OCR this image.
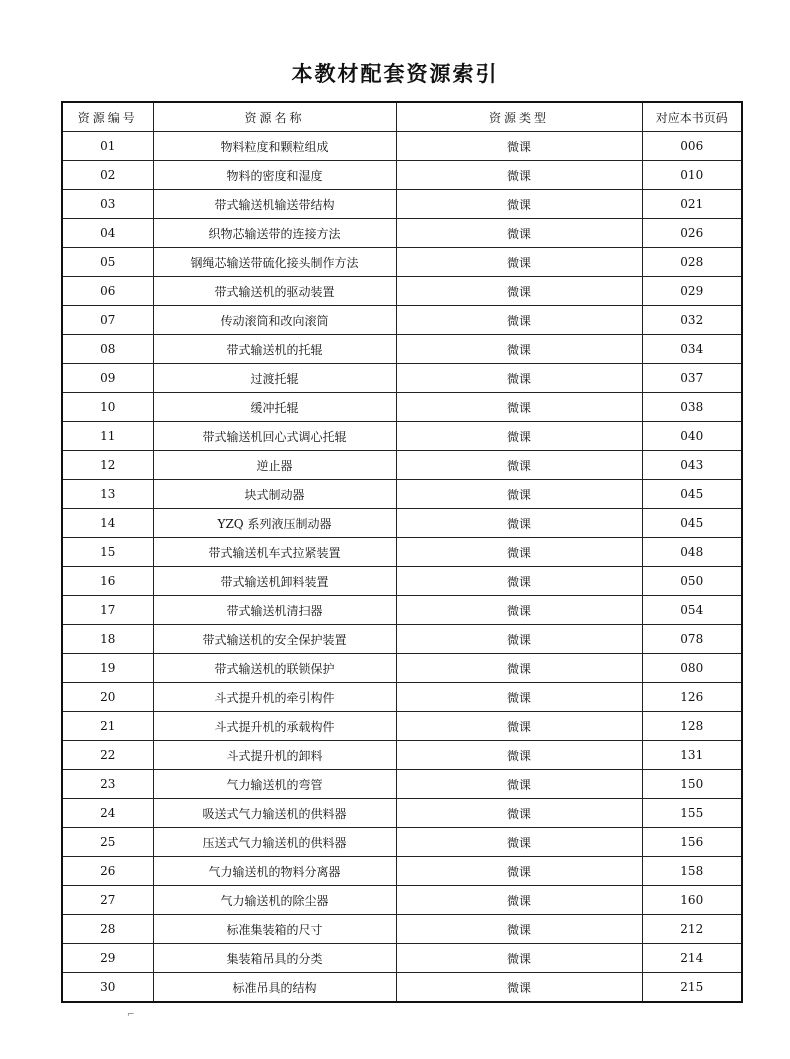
本教材配套资源索引
资源编号	资源名称	资源类型	对应本书页码
01	物料粒度和颗粒组成	微课	006
02	物料的密度和湿度	微课	010
03	带式输送机输送带结构	微课	021
04	织物芯输送带的连接方法	微课	026
05	钢绳芯输送带硫化接头制作方法	微课	028
06	带式输送机的驱动装置	微课	029
07	传动滚筒和改向滚筒	微课	032
08	带式输送机的托辊	微课	034
09	过渡托辊	微课	037
10	缓冲托辊	微课	038
11	带式输送机回心式调心托辊	微课	040
12	逆止器	微课	043
13	块式制动器	微课	045
14	YZQ 系列液压制动器	微课	045
15	带式输送机车式拉紧装置	微课	048
16	带式输送机卸料装置	微课	050
17	带式输送机清扫器	微课	054
18	带式输送机的安全保护装置	微课	078
19	带式输送机的联锁保护	微课	080
20	斗式提升机的牵引构件	微课	126
21	斗式提升机的承载构件	微课	128
22	斗式提升机的卸料	微课	131
23	气力输送机的弯管	微课	150
24	吸送式气力输送机的供料器	微课	155
25	压送式气力输送机的供料器	微课	156
26	气力输送机的物料分离器	微课	158
27	气力输送机的除尘器	微课	160
28	标准集装箱的尺寸	微课	212
29	集装箱吊具的分类	微课	214
30	标准吊具的结构	微课	215
⌐
